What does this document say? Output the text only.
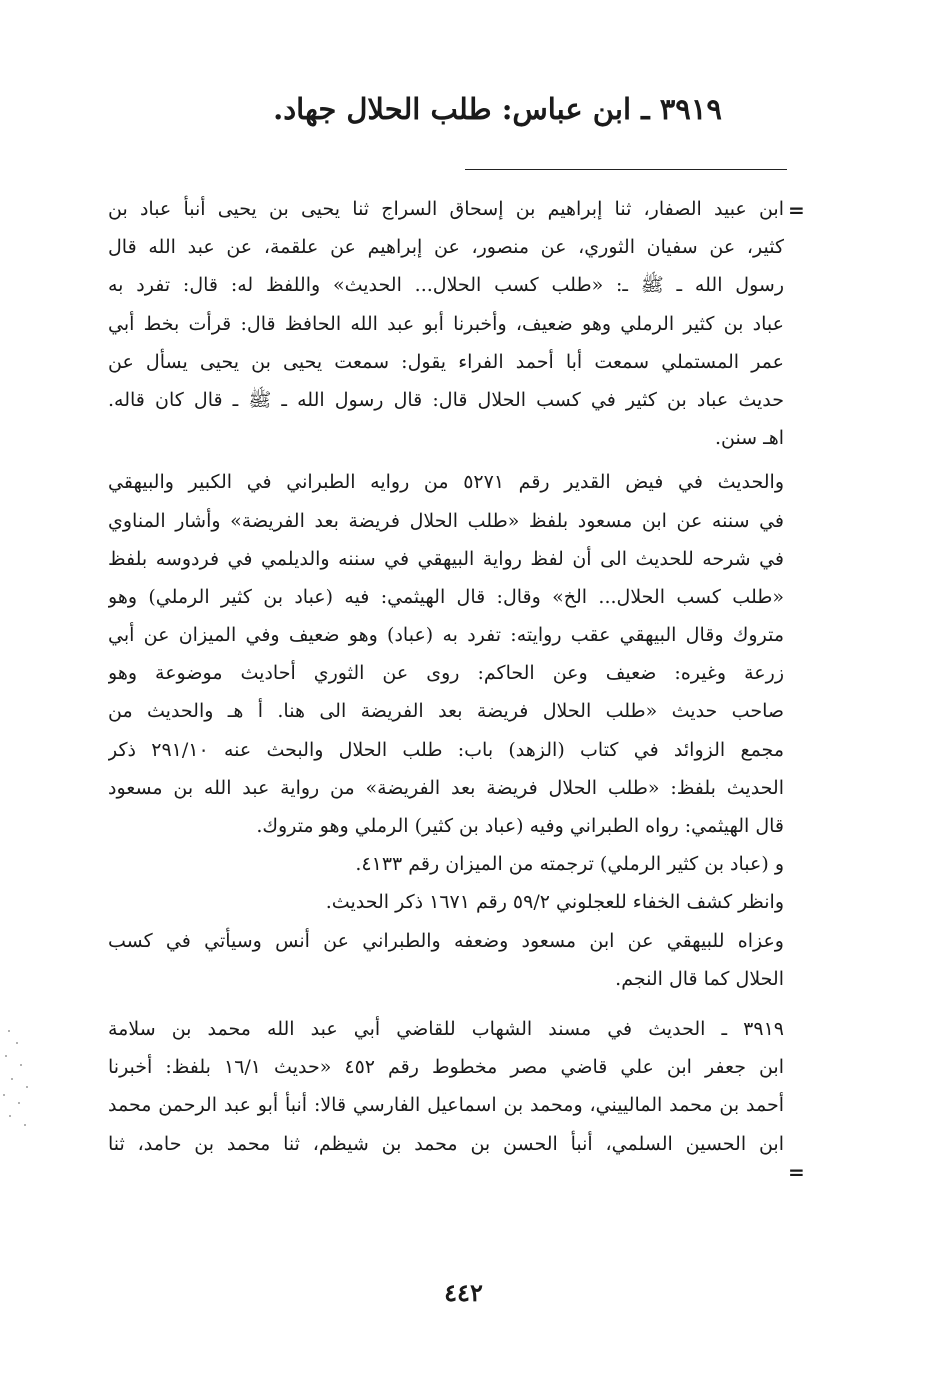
٣٩١٩ ـ ابن عباس: طلب الحلال جهاد.
=
=
ابن عبيد الصفار، ثنا إبراهيم بن إسحاق السراج ثنا يحيى بن يحيى أنبأ عباد بن
كثير، عن سفيان الثوري، عن منصور، عن إبراهيم عن علقمة، عن عبد الله قال
رسول الله ـ ﷺ ـ: «طلب كسب الحلال... الحديث» واللفظ له: قال: تفرد به
عباد بن كثير الرملي وهو ضعيف، وأخبرنا أبو عبد الله الحافظ قال: قرأت بخط أبي
عمر المستملي سمعت أبا أحمد الفراء يقول: سمعت يحيى بن يحيى يسأل عن
حديث عباد بن كثير في كسب الحلال قال: قال رسول الله ـ ﷺ ـ قال كان قاله.
اهـ سنن.
والحديث في فيض القدير رقم ٥٢٧١ من روايه الطبراني في الكبير والبيهقي
في سننه عن ابن مسعود بلفظ «طلب الحلال فريضة بعد الفريضة» وأشار المناوي
في شرحه للحديث الى أن لفظ رواية البيهقي في سننه والديلمي في فردوسه بلفظ
«طلب كسب الحلال... الخ» وقال: قال الهيثمي: فيه (عباد بن كثير الرملي) وهو
متروك وقال البيهقي عقب روايته: تفرد به (عباد) وهو ضعيف وفي الميزان عن أبي
زرعة وغيره: ضعيف وعن الحاكم: روى عن الثوري أحاديث موضوعة وهو
صاحب حديث «طلب الحلال فريضة بعد الفريضة الى هنا. أ هـ والحديث من
مجمع الزوائد في كتاب (الزهد) باب: طلب الحلال والبحث عنه ٢٩١/١٠ ذكر
الحديث بلفظ: «طلب الحلال فريضة بعد الفريضة» من رواية عبد الله بن مسعود
قال الهيثمي: رواه الطبراني وفيه (عباد بن كثير) الرملي وهو متروك.
و (عباد بن كثير الرملي) ترجمته من الميزان رقم ٤١٣٣.
وانظر كشف الخفاء للعجلوني ٥٩/٢ رقم ١٦٧١ ذكر الحديث.
وعزاه للبيهقي عن ابن مسعود وضعفه والطبراني عن أنس وسيأتي في كسب
الحلال كما قال النجم.
٣٩١٩ ـ الحديث في مسند الشهاب للقاضي أبي عبد الله محمد بن سلامة
ابن جعفر ابن علي قاضي مصر مخطوط رقم ٤٥٢ «حديث ١٦/١ بلفظ: أخبرنا
أحمد بن محمد المالييني، ومحمد بن اسماعيل الفارسي قالا: أنبأ أبو عبد الرحمن محمد
ابن الحسين السلمي، أنبأ الحسن بن محمد بن شيظم، ثنا محمد بن حامد، ثنا
٤٤٢
